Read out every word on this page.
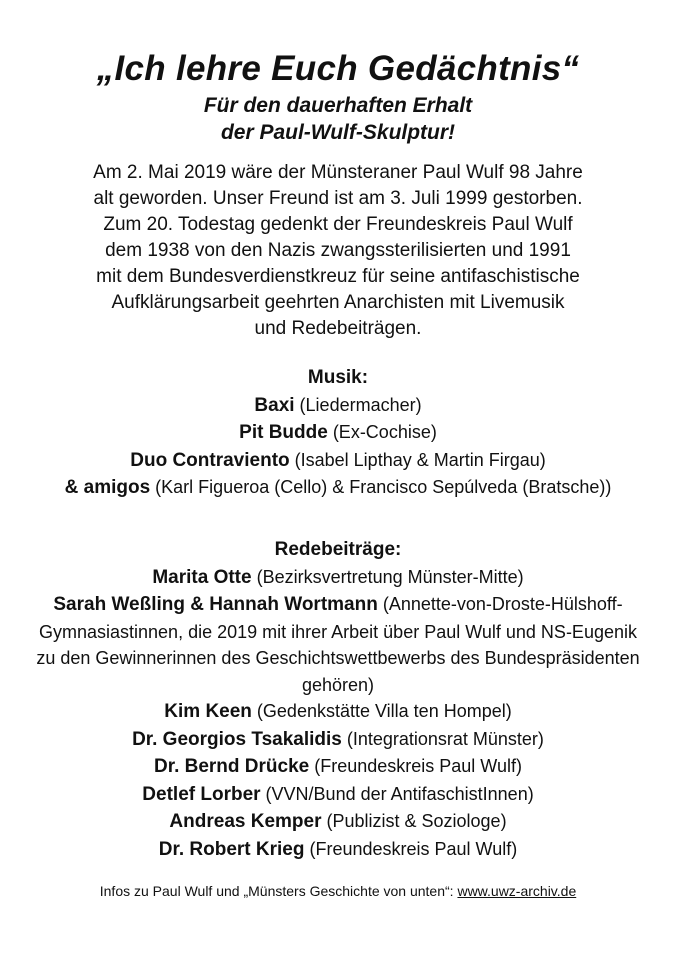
„Ich lehre Euch Gedächtnis“
Für den dauerhaften Erhalt
der Paul-Wulf-Skulptur!
Am 2. Mai 2019 wäre der Münsteraner Paul Wulf 98 Jahre
alt geworden. Unser Freund ist am 3. Juli 1999 gestorben.
Zum 20. Todestag gedenkt der Freundeskreis Paul Wulf
dem 1938 von den Nazis zwangssterilisierten und 1991
mit dem Bundesverdienstkreuz für seine antifaschistische
Aufklärungsarbeit geehrten Anarchisten mit Livemusik
und Redebeiträgen.
Musik:
Baxi (Liedermacher)
Pit Budde (Ex-Cochise)
Duo Contraviento (Isabel Lipthay & Martin Firgau)
& amigos (Karl Figueroa (Cello) & Francisco Sepúlveda (Bratsche))
Redebeiträge:
Marita Otte (Bezirksvertretung Münster-Mitte)
Sarah Weßling & Hannah Wortmann (Annette-von-Droste-Hülshoff-Gymnasiastinnen, die 2019 mit ihrer Arbeit über Paul Wulf und NS-Eugenik zu den Gewinnerinnen des Geschichtswettbewerbs des Bundespräsidenten gehören)
Kim Keen (Gedenkstätte Villa ten Hompel)
Dr. Georgios Tsakalidis (Integrationsrat Münster)
Dr. Bernd Drücke (Freundeskreis Paul Wulf)
Detlef Lorber (VVN/Bund der AntifaschistInnen)
Andreas Kemper (Publizist & Soziologe)
Dr. Robert Krieg (Freundeskreis Paul Wulf)
Infos zu Paul Wulf und „Münsters Geschichte von unten“: www.uwz-archiv.de
